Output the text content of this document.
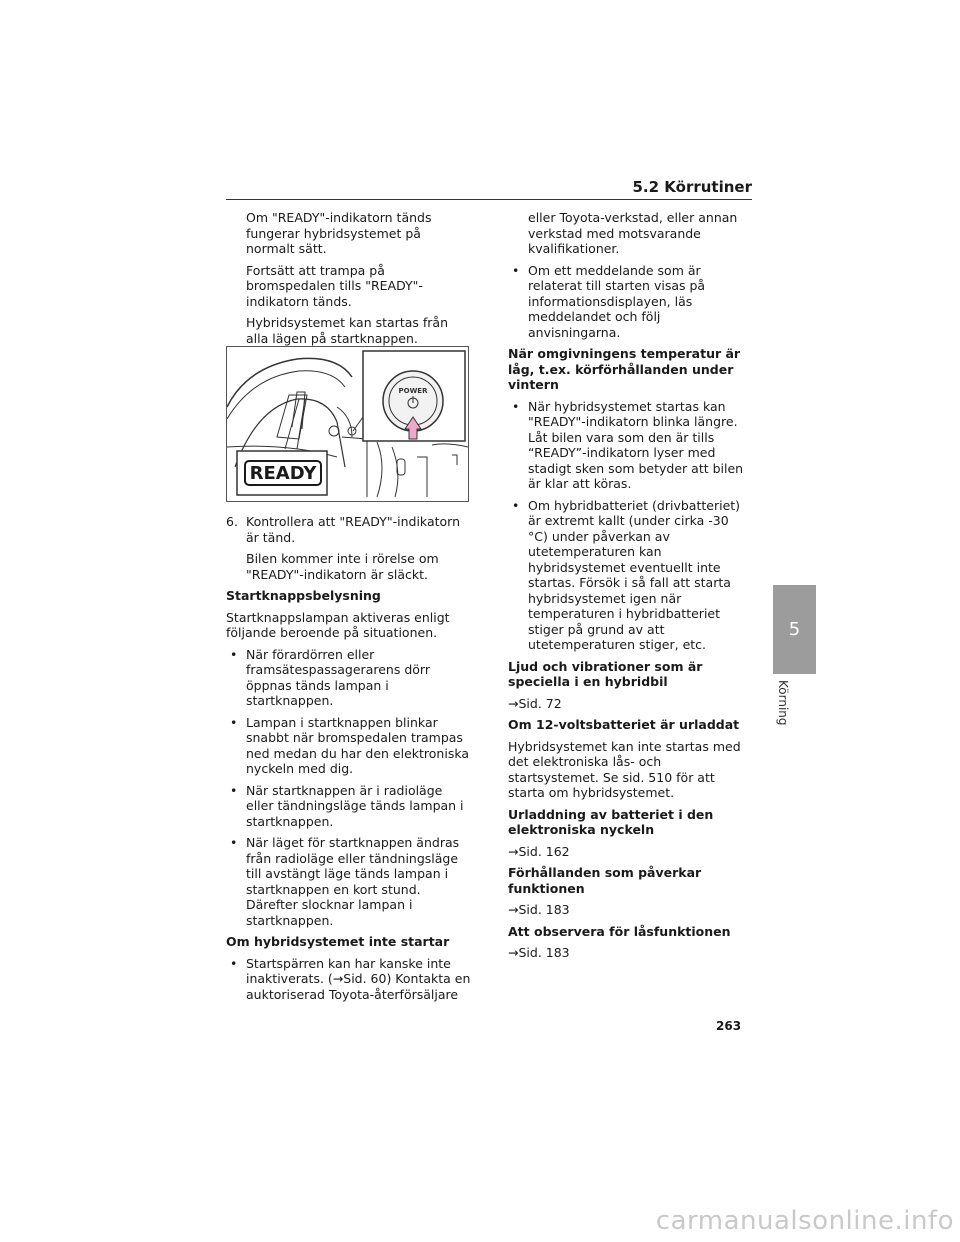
5.2 Körrutiner

Om "READY"-indikatorn tänds fungerar hybridsystemet på normalt sätt.

Fortsätt att trampa på bromspedalen tills "READY"-indikatorn tänds.

Hybridsystemet kan startas från alla lägen på startknappen.

POWER
READY
6. Kontrollera att "READY"-indikatorn är tänd.

Bilen kommer inte i rörelse om "READY"-indikatorn är släckt.

Startknappsbelysning

Startknappslampan aktiveras enligt följande beroende på situationen.

• När förardörren eller framsätespassagerarens dörr öppnas tänds lampan i startknappen.
• Lampan i startknappen blinkar snabbt när bromspedalen trampas ned medan du har den elektroniska nyckeln med dig.
• När startknappen är i radioläge eller tändningsläge tänds lampan i startknappen.
• När läget för startknappen ändras från radioläge eller tändningsläge till avstängt läge tänds lampan i startknappen en kort stund. Därefter slocknar lampan i startknappen.

Om hybridsystemet inte startar

• Startspärren kan har kanske inte inaktiverats. (→Sid. 60) Kontakta en auktoriserad Toyota-återförsäljare

eller Toyota-verkstad, eller annan verkstad med motsvarande kvalifikationer.

• Om ett meddelande som är relaterat till starten visas på informationsdisplayen, läs meddelandet och följ anvisningarna.

När omgivningens temperatur är låg, t.ex. körförhållanden under vintern

• När hybridsystemet startas kan "READY"-indikatorn blinka längre. Låt bilen vara som den är tills “READY”-indikatorn lyser med stadigt sken som betyder att bilen är klar att köras.
• Om hybridbatteriet (drivbatteriet) är extremt kallt (under cirka -30 °C) under påverkan av utetemperaturen kan hybridsystemet eventuellt inte startas. Försök i så fall att starta hybridsystemet igen när temperaturen i hybridbatteriet stiger på grund av att utetemperaturen stiger, etc.

Ljud och vibrationer som är speciella i en hybridbil

→Sid. 72

Om 12-voltsbatteriet är urladdat

Hybridsystemet kan inte startas med det elektroniska lås- och startsystemet. Se sid. 510 för att starta om hybridsystemet.

Urladdning av batteriet i den elektroniska nyckeln

→Sid. 162

Förhållanden som påverkar funktionen

→Sid. 183

Att observera för låsfunktionen

→Sid. 183

5
Körning
263
carmanualsonline.info
